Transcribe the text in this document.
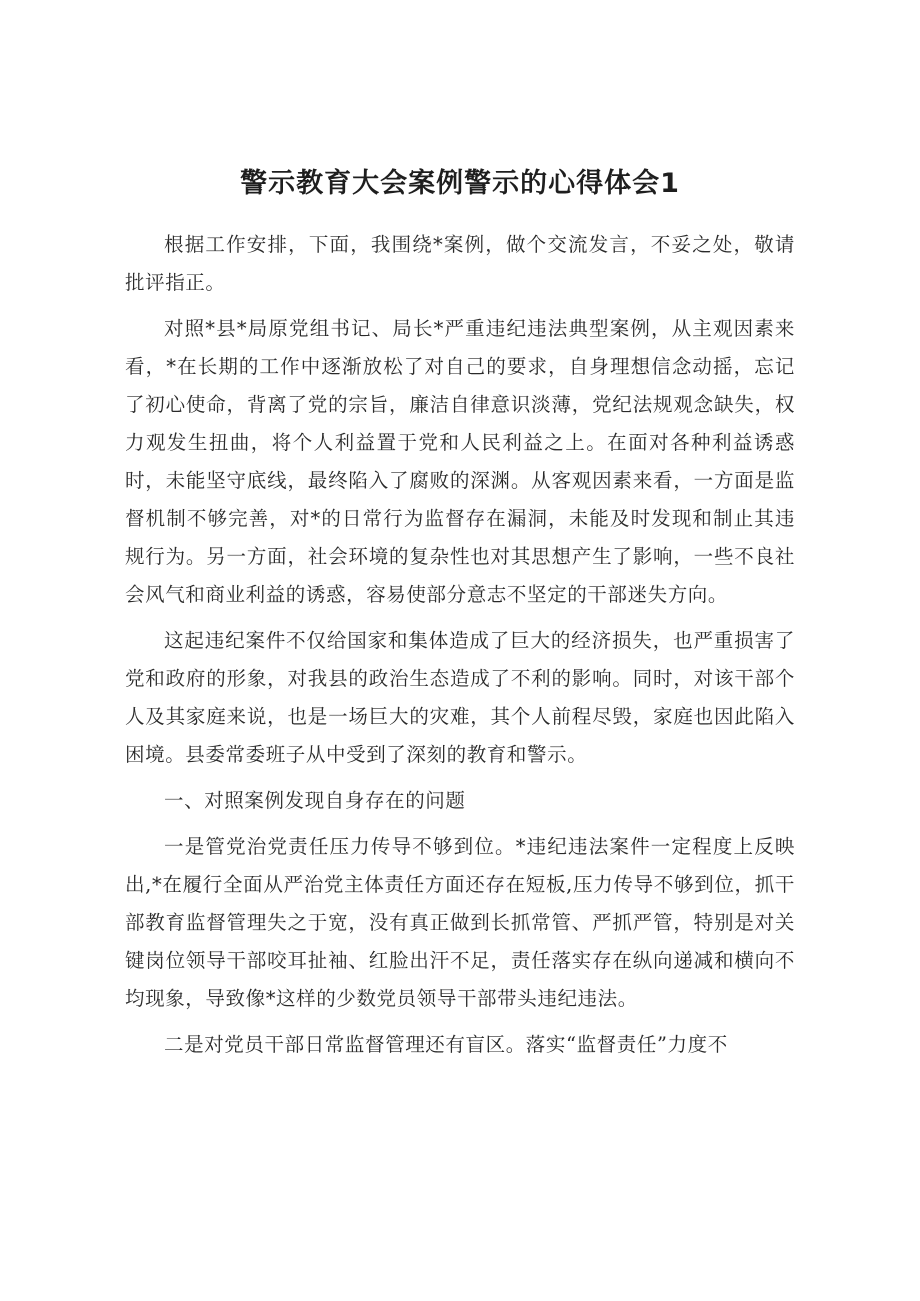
警示教育大会案例警示的心得体会1

根据工作安排，下面，我围绕*案例，做个交流发言，不妥之处，敬请批评指正。

对照*县*局原党组书记、局长*严重违纪违法典型案例，从主观因素来看，*在长期的工作中逐渐放松了对自己的要求，自身理想信念动摇，忘记了初心使命，背离了党的宗旨，廉洁自律意识淡薄，党纪法规观念缺失，权力观发生扭曲，将个人利益置于党和人民利益之上。在面对各种利益诱惑时，未能坚守底线，最终陷入了腐败的深渊。从客观因素来看，一方面是监督机制不够完善，对*的日常行为监督存在漏洞，未能及时发现和制止其违规行为。另一方面，社会环境的复杂性也对其思想产生了影响，一些不良社会风气和商业利益的诱惑，容易使部分意志不坚定的干部迷失方向。

这起违纪案件不仅给国家和集体造成了巨大的经济损失，也严重损害了党和政府的形象，对我县的政治生态造成了不利的影响。同时，对该干部个人及其家庭来说，也是一场巨大的灾难，其个人前程尽毁，家庭也因此陷入困境。县委常委班子从中受到了深刻的教育和警示。

一、对照案例发现自身存在的问题

一是管党治党责任压力传导不够到位。*违纪违法案件一定程度上反映出,*在履行全面从严治党主体责任方面还存在短板,压力传导不够到位，抓干部教育监督管理失之于宽，没有真正做到长抓常管、严抓严管，特别是对关键岗位领导干部咬耳扯袖、红脸出汗不足，责任落实存在纵向递减和横向不均现象，导致像*这样的少数党员领导干部带头违纪违法。

二是对党员干部日常监督管理还有盲区。落实“监督责任”力度不
